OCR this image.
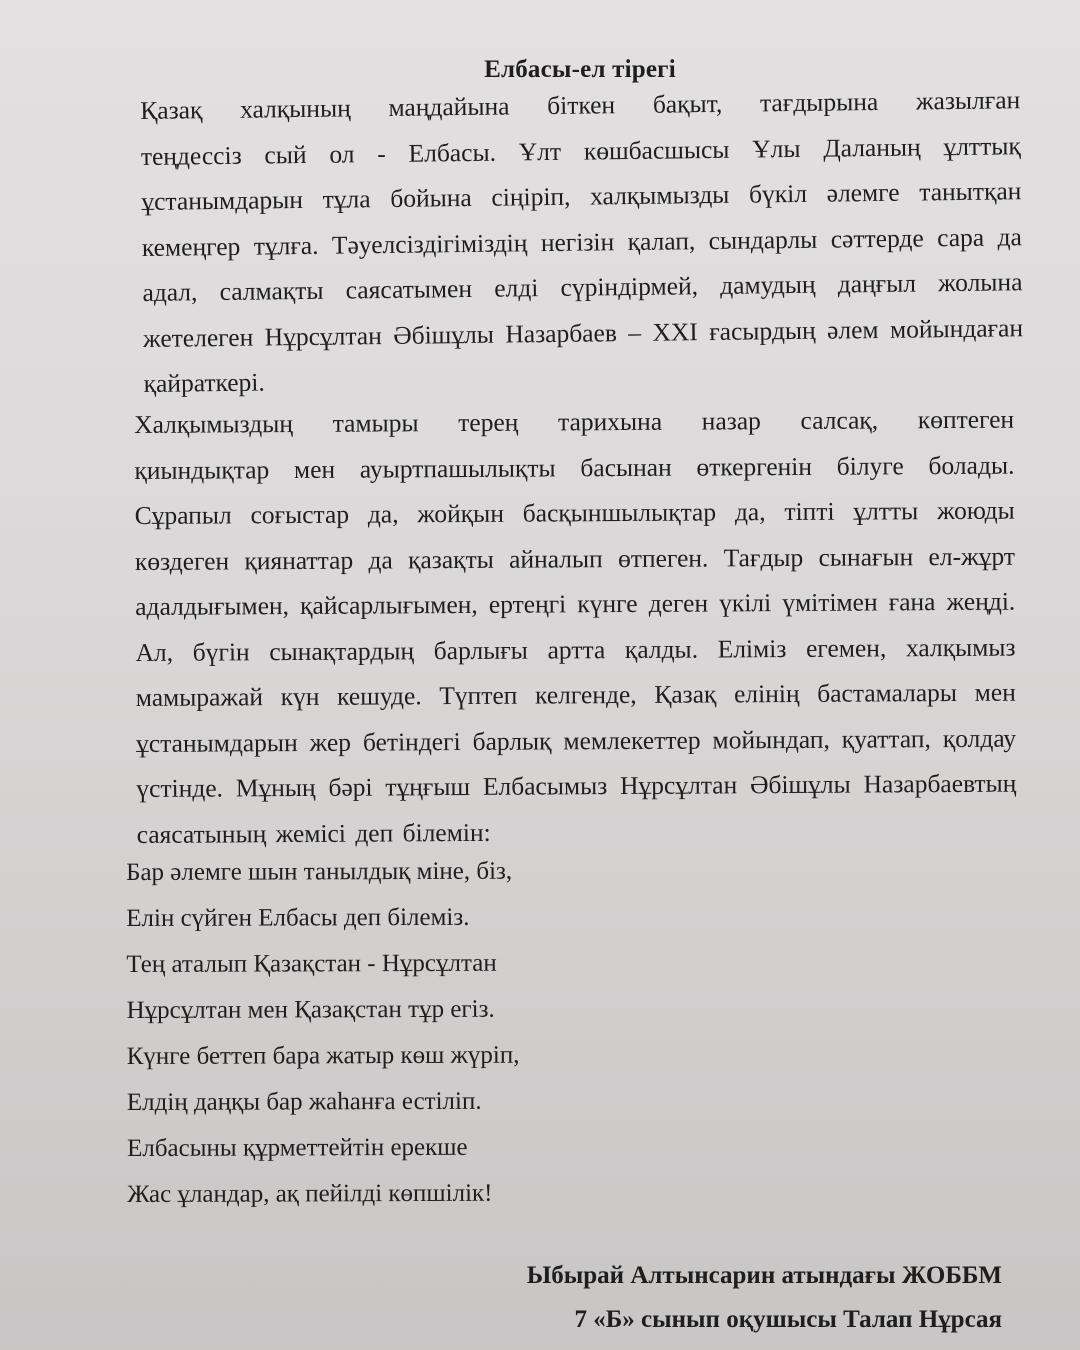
Елбасы-ел тірегі
Қазақ халқының маңдайына біткен бақыт, тағдырына жазылған
теңдессіз сый ол - Елбасы. Ұлт көшбасшысы Ұлы Даланың ұлттық
ұстанымдарын тұла бойына сіңіріп, халқымызды бүкіл әлемге танытқан
кемеңгер тұлға. Тәуелсіздігіміздің негізін қалап, сындарлы сәттерде сара да
адал, салмақты саясатымен елді сүріндірмей, дамудың даңғыл жолына
жетелеген Нұрсұлтан Әбішұлы Назарбаев – XXI ғасырдың әлем мойындаған
қайраткері.
Халқымыздың тамыры терең тарихына назар салсақ, көптеген
қиындықтар мен ауыртпашылықты басынан өткергенін білуге болады.
Сұрапыл соғыстар да, жойқын басқыншылықтар да, тіпті ұлтты жоюды
көздеген қиянаттар да қазақты айналып өтпеген. Тағдыр сынағын ел-жұрт
адалдығымен, қайсарлығымен, ертеңгі күнге деген үкілі үмітімен ғана жеңді.
Ал, бүгін сынақтардың барлығы артта қалды. Еліміз егемен, халқымыз
мамыражай күн кешуде. Түптеп келгенде, Қазақ елінің бастамалары мен
ұстанымдарын жер бетіндегі барлық мемлекеттер мойындап, қуаттап, қолдау
үстінде. Мұның бәрі тұңғыш Елбасымыз Нұрсұлтан Әбішұлы Назарбаевтың
саясатының жемісі деп білемін:
Бар әлемге шын танылдық міне, біз,
Елін сүйген Елбасы деп білеміз.
Тең аталып Қазақстан - Нұрсұлтан
Нұрсұлтан мен Қазақстан тұр егіз.
Күнге беттеп бара жатыр көш жүріп,
Елдің даңқы бар жаһанға естіліп.
Елбасыны құрметтейтін ерекше
Жас ұландар, ақ пейілді көпшілік!
Ыбырай Алтынсарин атындағы ЖОББМ
7 «Б» сынып оқушысы Талап Нұрсая
